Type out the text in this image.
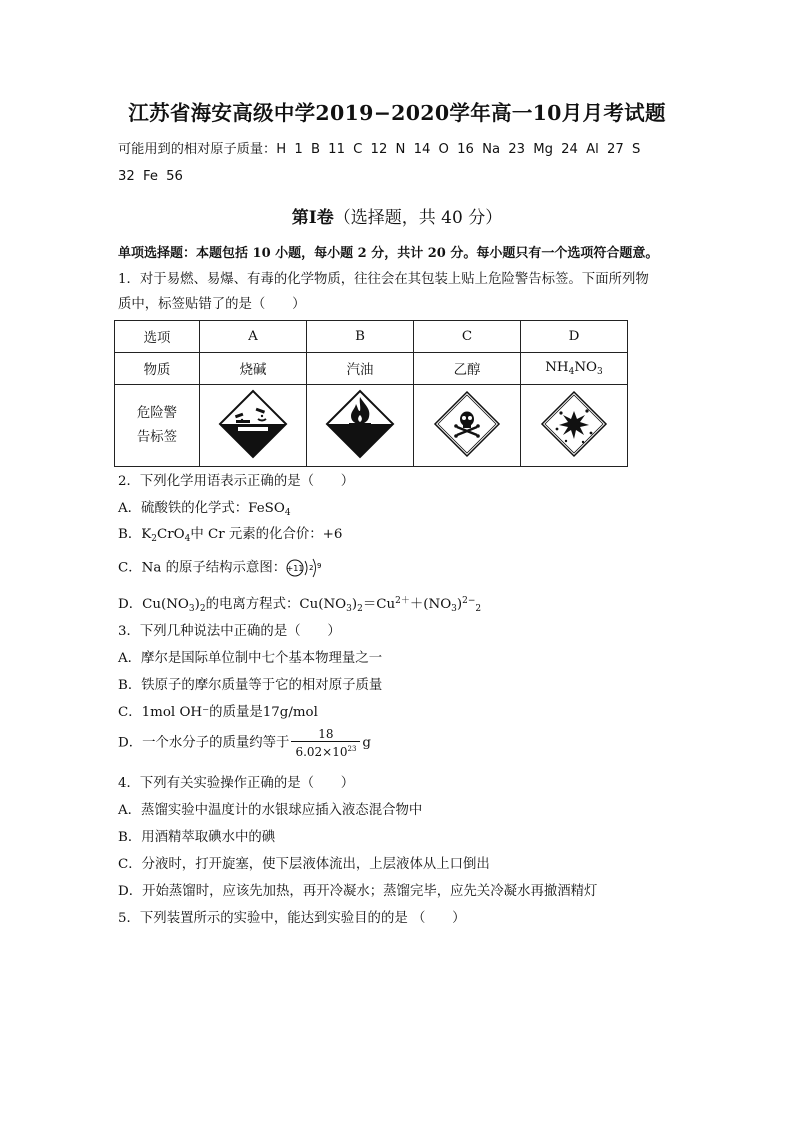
江苏省海安高级中学2019−2020学年高一10月月考试题
可能用到的相对原子质量：H 1 B 11 C 12 N 14 O 16 Na 23 Mg 24 Al 27 S
32 Fe 56
第Ⅰ卷（选择题，共 40 分）
单项选择题：本题包括 10 小题，每小题 2 分，共计 20 分。每小题只有一个选项符合题意。
1．对于易燃、易爆、有毒的化学物质，往往会在其包装上贴上危险警告标签。下面所列物
质中，标签贴错了的是（　　）
选项	A	B	C	D
物质	烧碱	汽油	乙醇	$NH_4NO_3$

危险警
告标签

2．下列化学用语表示正确的是（　　）
A．硫酸铁的化学式：FeSO$_4$
B．$K_2CrO_4$中 Cr 元素的化合价：+6
C．Na 的原子结构示意图： +11 2 9
D．$Cu(NO_3)_2$的电离方程式：$Cu(NO_3)_2=Cu^{2+}+(NO_3)^{2-}_2$
3．下列几种说法中正确的是（　　）
A．摩尔是国际单位制中七个基本物理量之一
B．铁原子的摩尔质量等于它的相对原子质量
C．1mol OH⁻的质量是17g/mol
D．一个水分子的质量约等于 $\frac{18}{6.02\times 10^{23}}$ g
4．下列有关实验操作正确的是（　　）
A．蒸馏实验中温度计的水银球应插入液态混合物中
B．用酒精萃取碘水中的碘
C．分液时，打开旋塞，使下层液体流出，上层液体从上口倒出
D．开始蒸馏时，应该先加热，再开冷凝水；蒸馏完毕，应先关冷凝水再撤酒精灯
5．下列装置所示的实验中，能达到实验目的的是 （　　）
